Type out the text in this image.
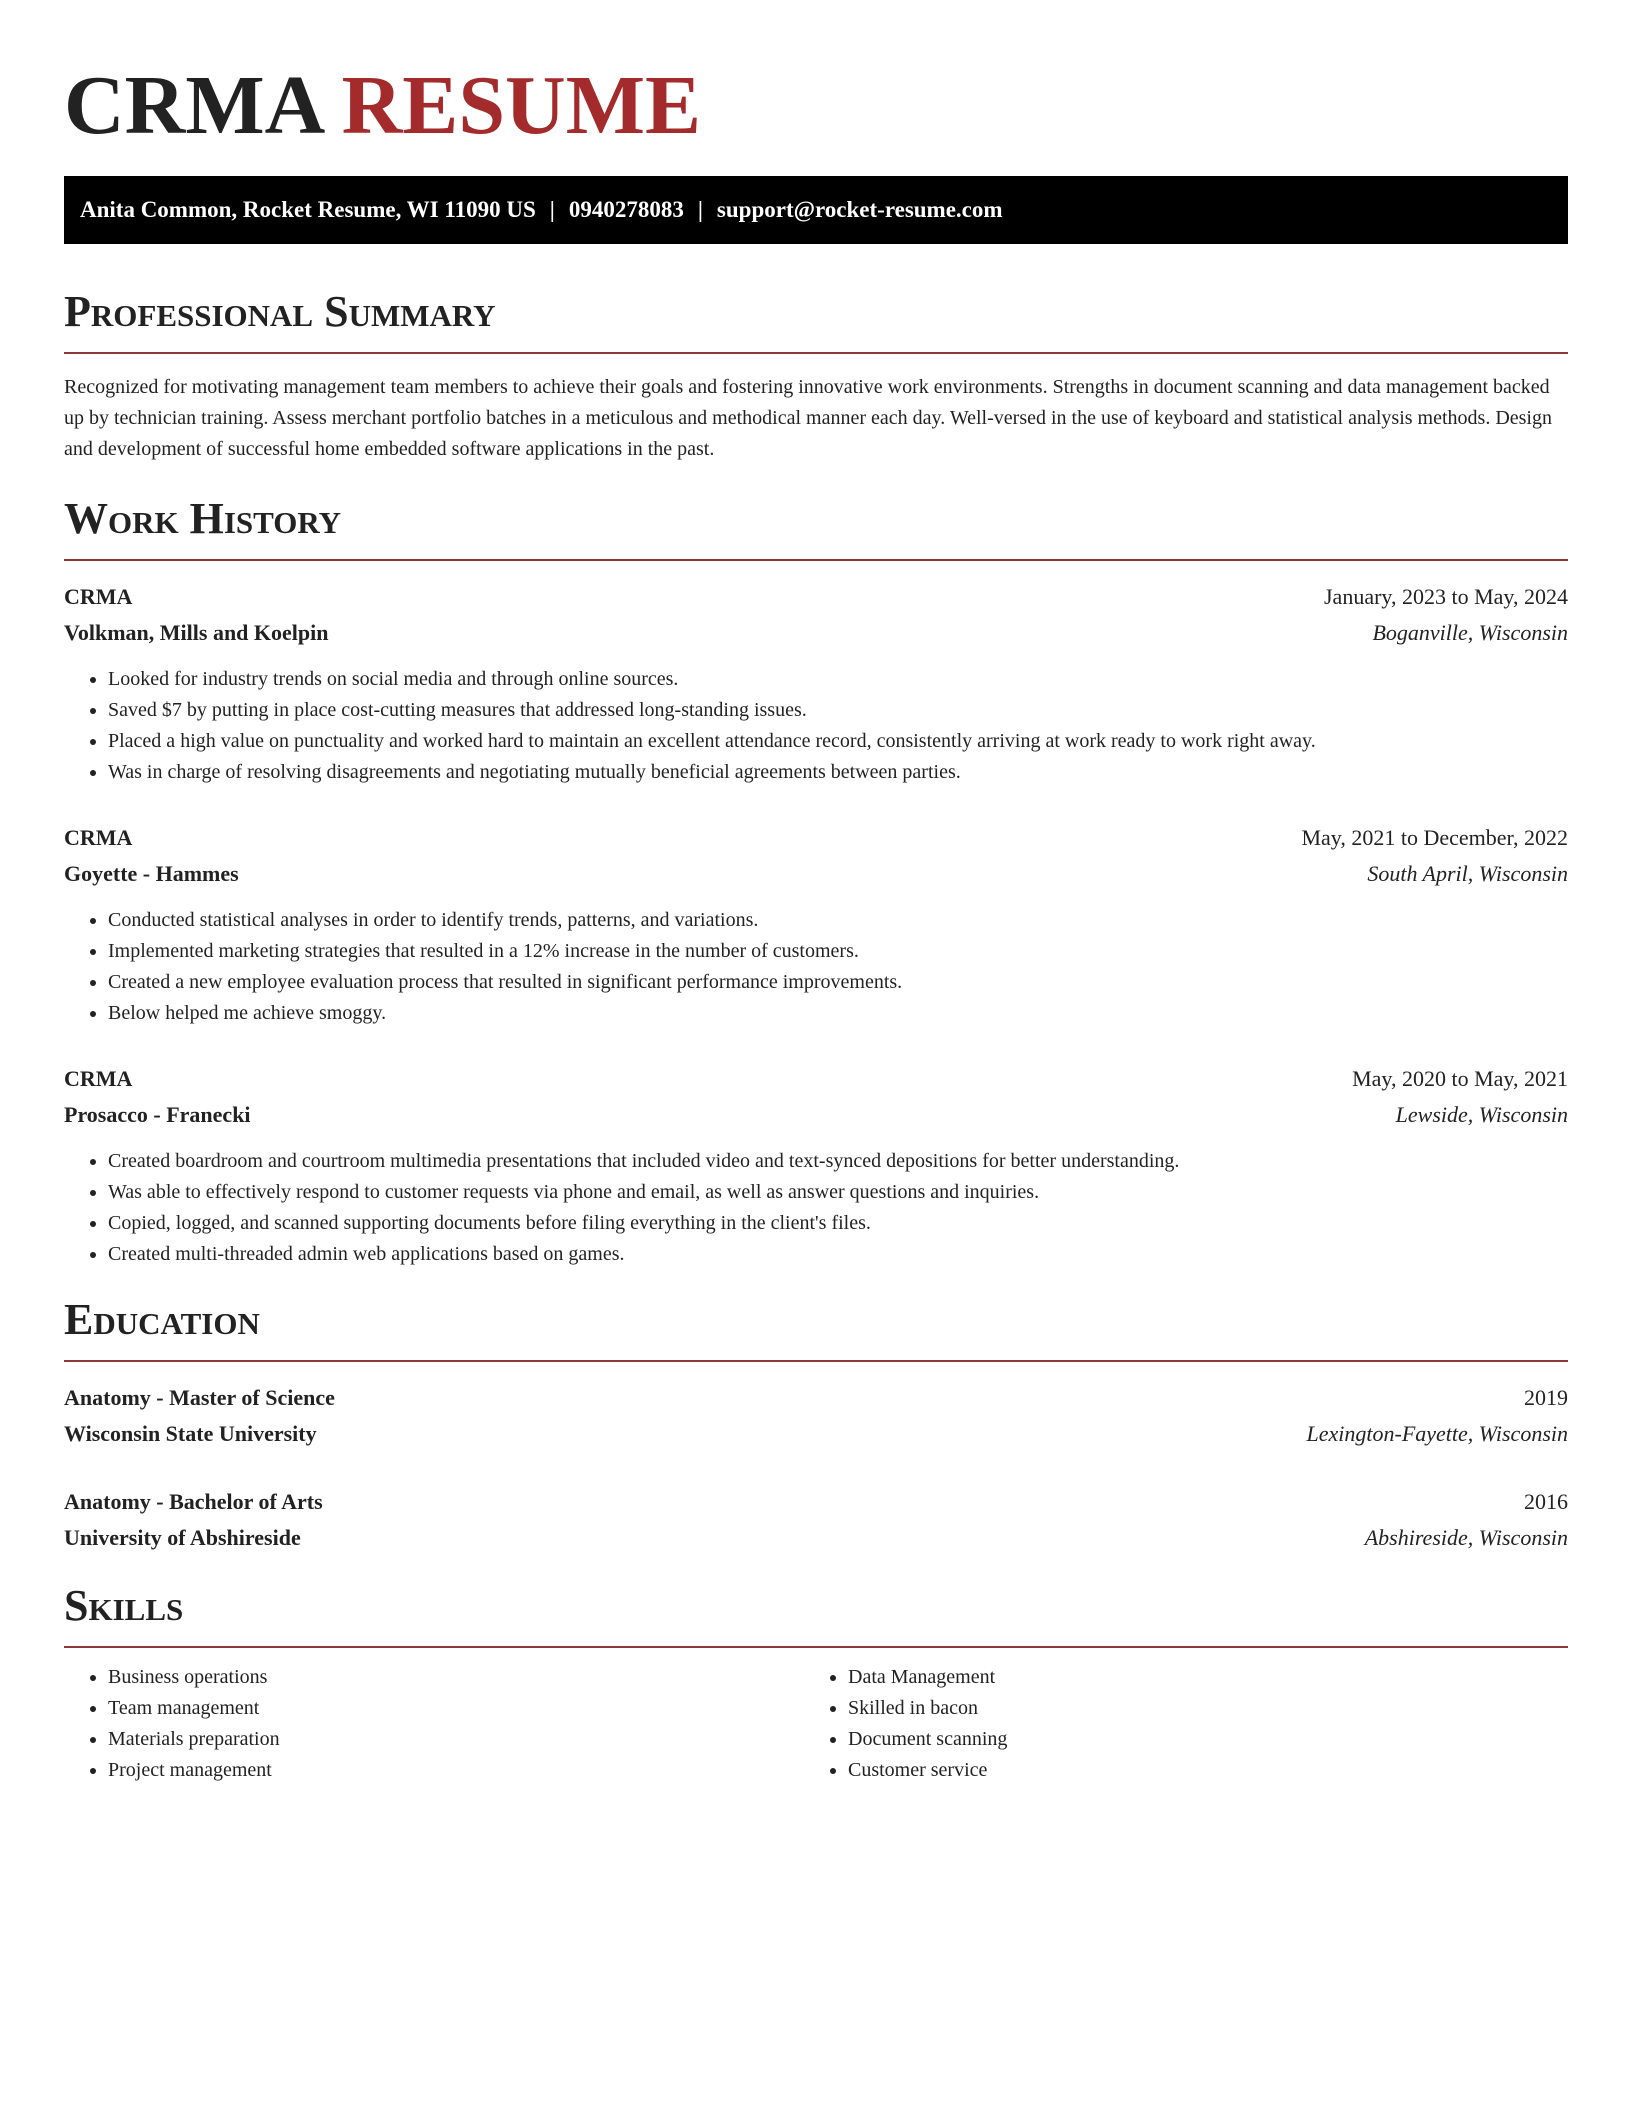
CRMA RESUME
Anita Common, Rocket Resume, WI 11090 US | 0940278083 | support@rocket-resume.com
Professional Summary

Recognized for motivating management team members to achieve their goals and fostering innovative work environments. Strengths in document scanning and data management backed up by technician training. Assess merchant portfolio batches in a meticulous and methodical manner each day. Well-versed in the use of keyboard and statistical analysis methods. Design and development of successful home embedded software applications in the past.

Work History
CRMA	January, 2023 to May, 2024
Volkman, Mills and Koelpin	Boganville, Wisconsin
• Looked for industry trends on social media and through online sources.
• Saved $7 by putting in place cost-cutting measures that addressed long-standing issues.
• Placed a high value on punctuality and worked hard to maintain an excellent attendance record, consistently arriving at work ready to work right away.
• Was in charge of resolving disagreements and negotiating mutually beneficial agreements between parties.
CRMA	May, 2021 to December, 2022
Goyette - Hammes	South April, Wisconsin
• Conducted statistical analyses in order to identify trends, patterns, and variations.
• Implemented marketing strategies that resulted in a 12% increase in the number of customers.
• Created a new employee evaluation process that resulted in significant performance improvements.
• Below helped me achieve smoggy.
CRMA	May, 2020 to May, 2021
Prosacco - Franecki	Lewside, Wisconsin
• Created boardroom and courtroom multimedia presentations that included video and text-synced depositions for better understanding.
• Was able to effectively respond to customer requests via phone and email, as well as answer questions and inquiries.
• Copied, logged, and scanned supporting documents before filing everything in the client's files.
• Created multi-threaded admin web applications based on games.
Education
Anatomy - Master of Science	2019
Wisconsin State University	Lexington-Fayette, Wisconsin
Anatomy - Bachelor of Arts	2016
University of Abshireside	Abshireside, Wisconsin
Skills
• Business operations
• Team management
• Materials preparation
• Project management
• Data Management
• Skilled in bacon
• Document scanning
• Customer service
